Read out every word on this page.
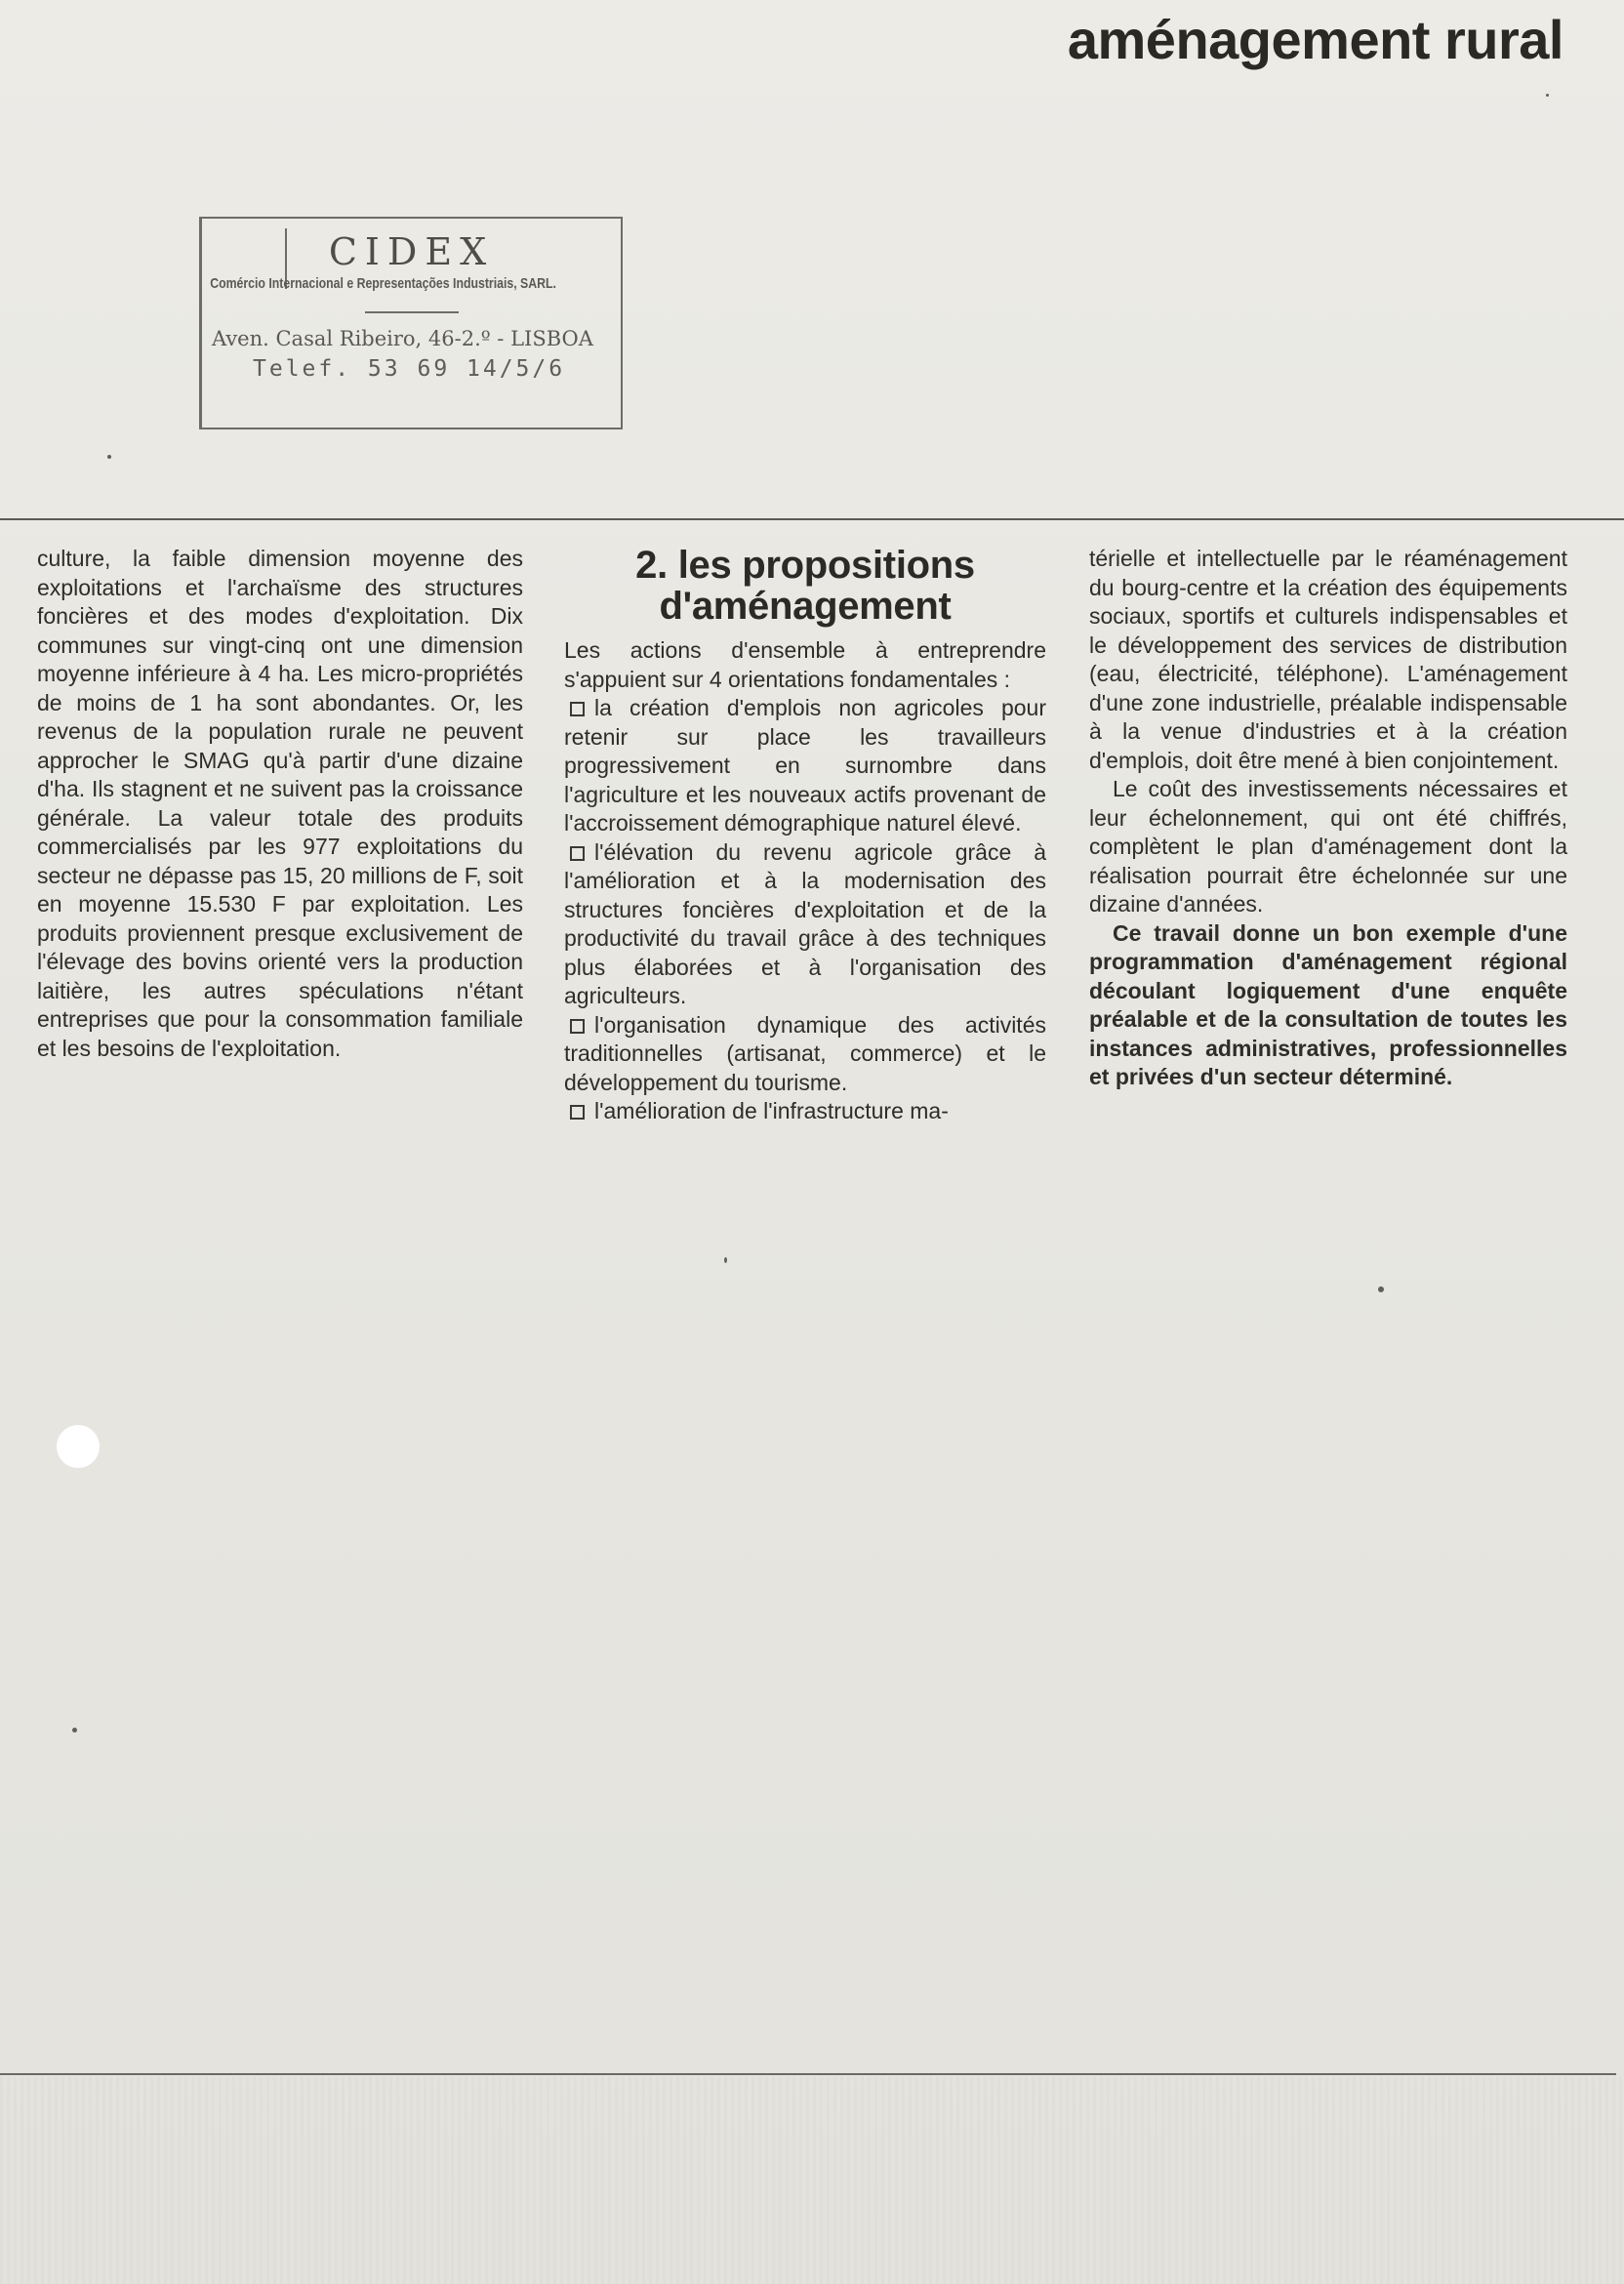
aménagement rural
CIDEX
Comércio Internacional e Representações Industriais, SARL.
Aven. Casal Ribeiro, 46-2.º - LISBOA
Telef. 53 69 14/5/6

culture, la faible dimension moyenne des exploitations et l'archaïsme des structures foncières et des modes d'exploitation. Dix communes sur vingt-cinq ont une dimension moyenne inférieure à 4 ha. Les micro-propriétés de moins de 1 ha sont abondantes. Or, les revenus de la population rurale ne peuvent approcher le SMAG qu'à partir d'une dizaine d'ha. Ils stagnent et ne suivent pas la croissance générale. La valeur totale des produits commercialisés par les 977 exploitations du secteur ne dépasse pas 15, 20 millions de F, soit en moyenne 15.530 F par exploitation. Les produits proviennent presque exclusivement de l'élevage des bovins orienté vers la production laitière, les autres spéculations n'étant entreprises que pour la consommation familiale et les besoins de l'exploitation.

2. les propositions
d'aménagement

Les actions d'ensemble à entreprendre s'appuient sur 4 orientations fondamentales :

la création d'emplois non agricoles pour retenir sur place les travailleurs progressivement en surnombre dans l'agriculture et les nouveaux actifs provenant de l'accroissement démographique naturel élevé.

l'élévation du revenu agricole grâce à l'amélioration et à la modernisation des structures foncières d'exploitation et de la productivité du travail grâce à des techniques plus élaborées et à l'organisation des agriculteurs.

l'organisation dynamique des activités traditionnelles (artisanat, commerce) et le développement du tourisme.

l'amélioration de l'infrastructure ma-

térielle et intellectuelle par le réaménagement du bourg-centre et la création des équipements sociaux, sportifs et culturels indispensables et le développement des services de distribution (eau, électricité, téléphone). L'aménagement d'une zone industrielle, préalable indispensable à la venue d'industries et à la création d'emplois, doit être mené à bien conjointement.

Le coût des investissements nécessaires et leur échelonnement, qui ont été chiffrés, complètent le plan d'aménagement dont la réalisation pourrait être échelonnée sur une dizaine d'années.

Ce travail donne un bon exemple d'une programmation d'aménagement régional découlant logiquement d'une enquête préalable et de la consultation de toutes les instances administratives, professionnelles et privées d'un secteur déterminé.
